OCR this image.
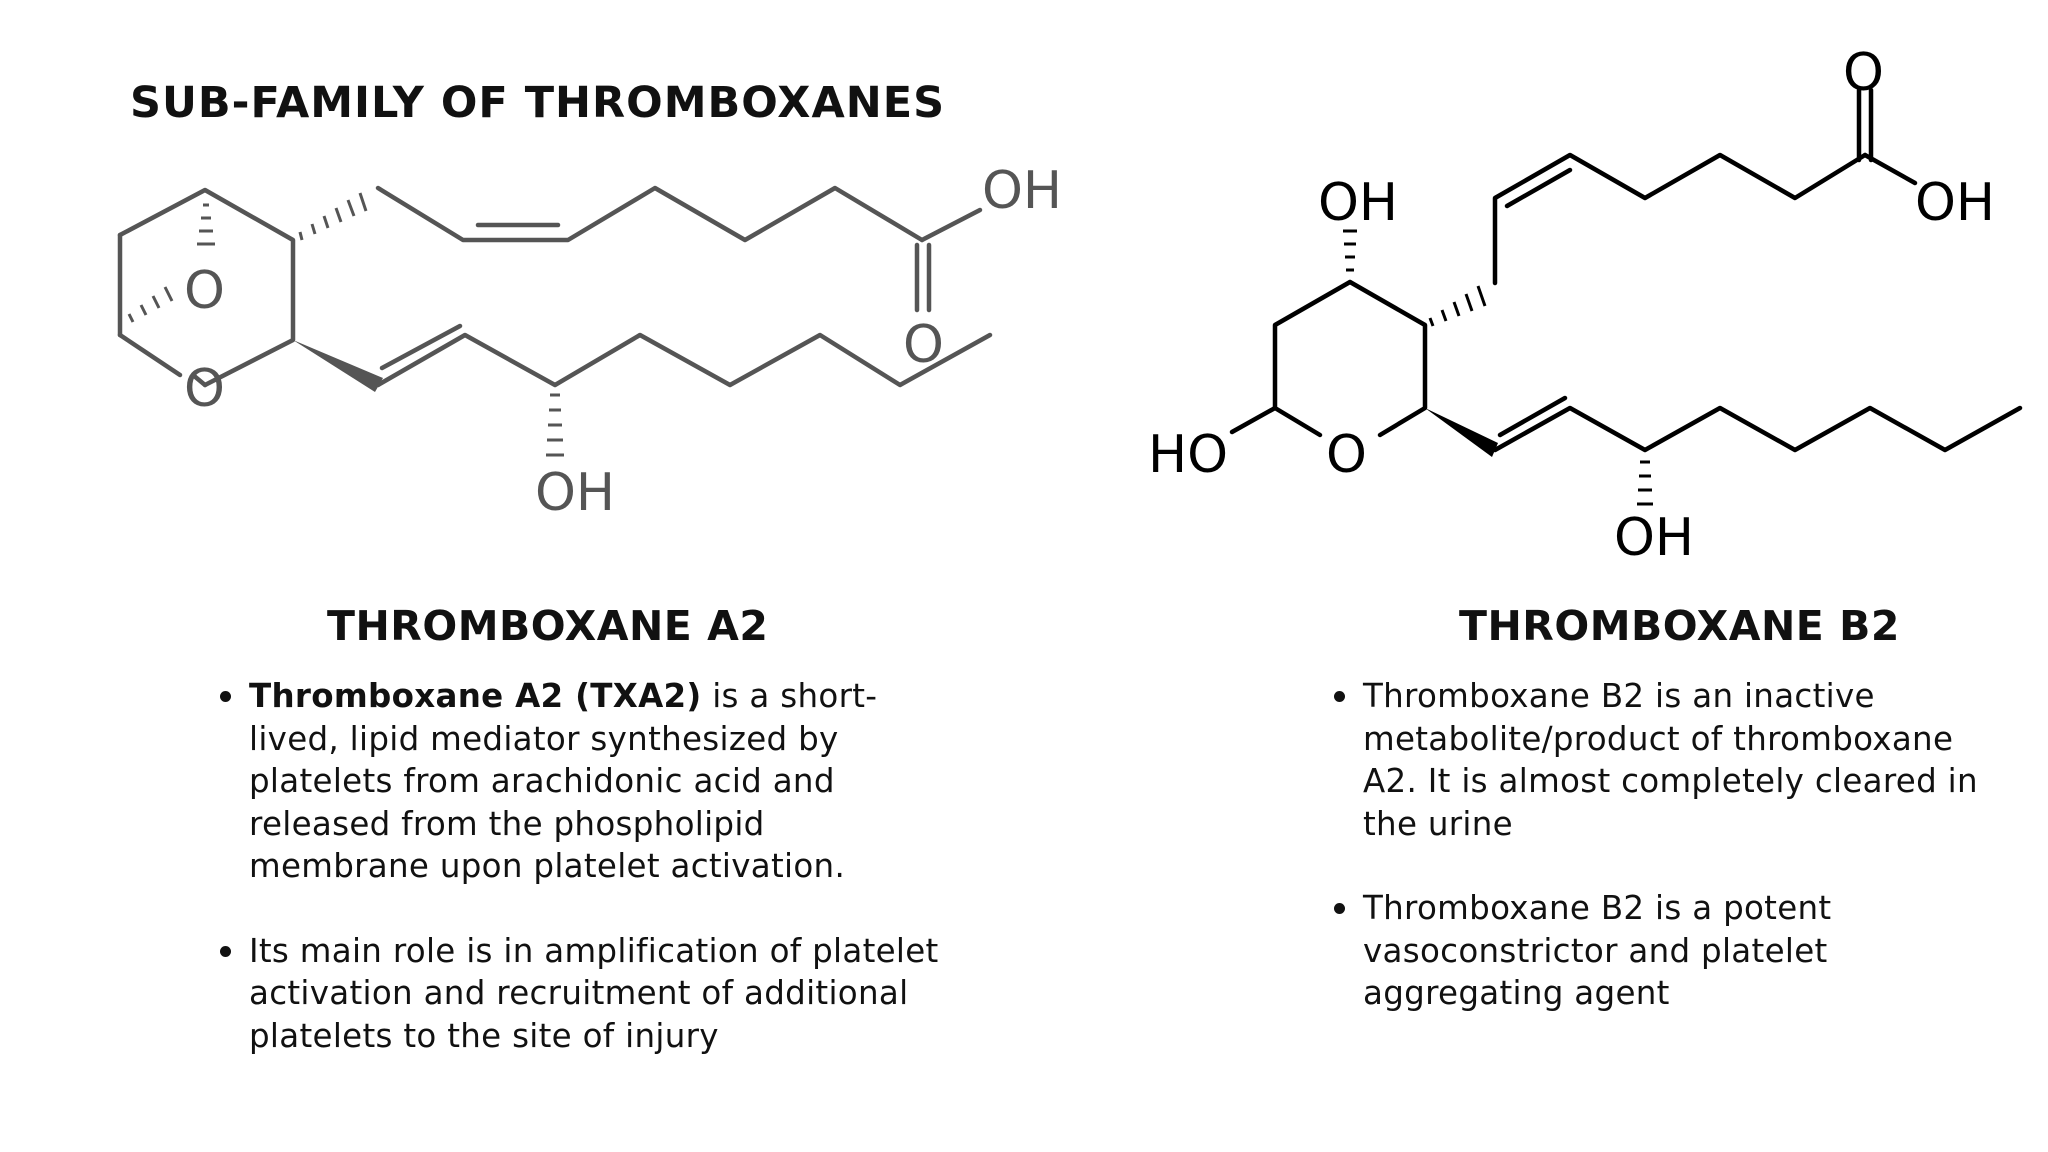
SUB-FAMILY OF THROMBOXANES
OH
O
O
O
OH
O
OH
OH
HO O
OH
THROMBOXANE A2	THROMBOXANE B2
Thromboxane A2 (TXA2) is a short-lived, lipid mediator synthesized by platelets from arachidonic acid and released from the phospholipid membrane upon platelet activation.
Its main role is in amplification of platelet activation and recruitment of additional platelets to the site of injury
Thromboxane B2 is an inactive metabolite/product of thromboxane A2. It is almost completely cleared in the urine
Thromboxane B2 is a potent vasoconstrictor and platelet aggregating agent
